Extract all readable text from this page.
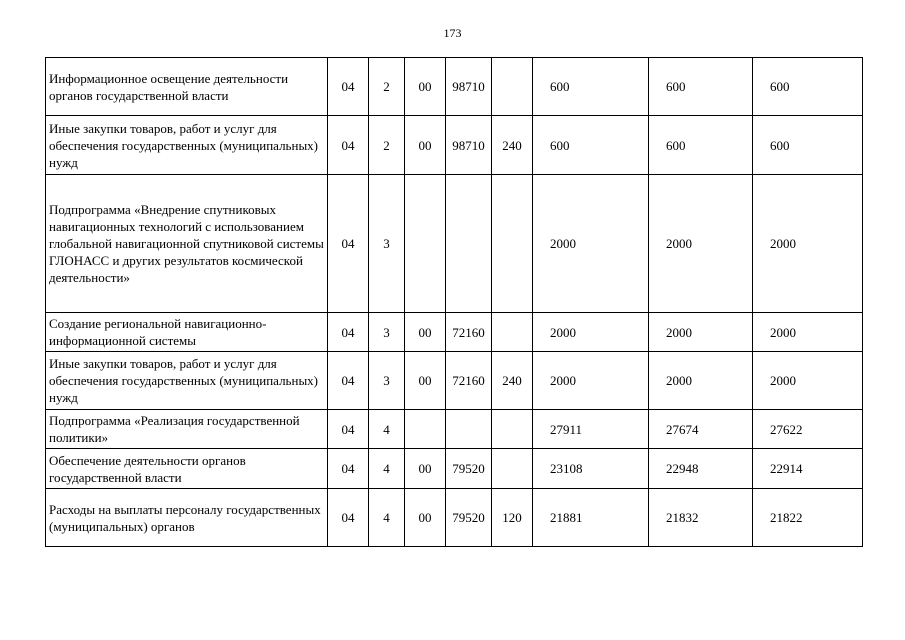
173
Информационное освещение деятельности органов государственной власти	04	2	00	98710		600	600	600
Иные закупки товаров, работ и услуг для обеспечения государственных (муниципальных) нужд	04	2	00	98710	240	600	600	600
Подпрограмма «Внедрение спутниковых навигационных технологий с использованием глобальной навигационной спутниковой системы ГЛОНАСС и других результатов космической деятельности»	04	3				2000	2000	2000
Создание региональной навигационно-информационной системы	04	3	00	72160		2000	2000	2000
Иные закупки товаров, работ и услуг для обеспечения государственных (муниципальных) нужд	04	3	00	72160	240	2000	2000	2000
Подпрограмма «Реализация государственной политики»	04	4				27911	27674	27622
Обеспечение деятельности органов государственной власти	04	4	00	79520		23108	22948	22914
Расходы на выплаты персоналу государственных (муниципальных) органов	04	4	00	79520	120	21881	21832	21822
